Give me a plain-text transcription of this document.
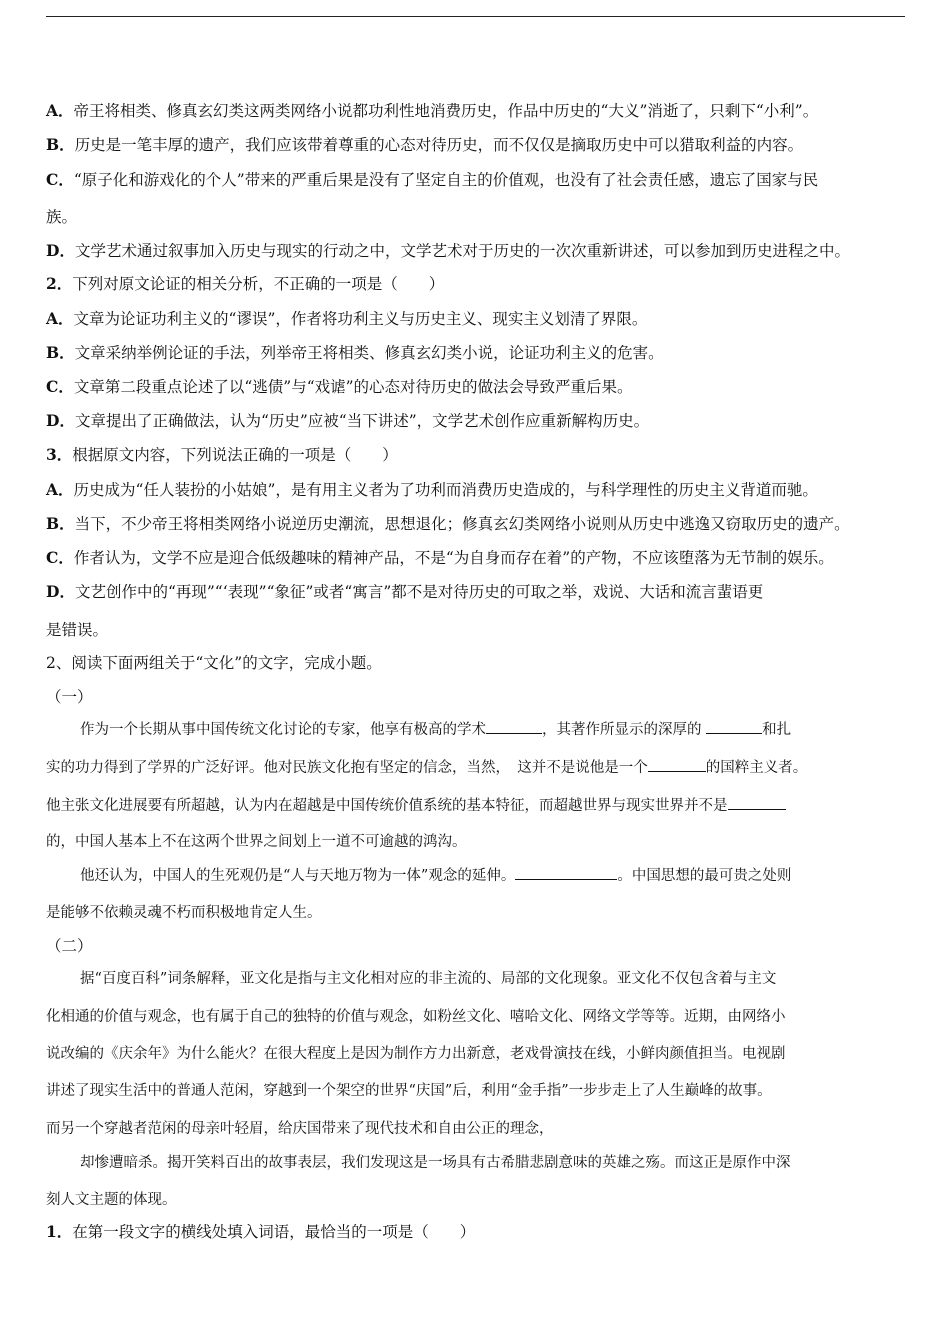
A．帝王将相类、修真玄幻类这两类网络小说都功利性地消费历史，作品中历史的“大义”消逝了，只剩下“小利”。
B．历史是一笔丰厚的遗产，我们应该带着尊重的心态对待历史，而不仅仅是摘取历史中可以猎取利益的内容。
C．“原子化和游戏化的个人”带来的严重后果是没有了坚定自主的价值观，也没有了社会责任感，遗忘了国家与民
族。
D．文学艺术通过叙事加入历史与现实的行动之中，文学艺术对于历史的一次次重新讲述，可以参加到历史进程之中。
2．下列对原文论证的相关分析，不正确的一项是（　　）
A．文章为论证功利主义的“谬误”，作者将功利主义与历史主义、现实主义划清了界限。
B．文章采纳举例论证的手法，列举帝王将相类、修真玄幻类小说，论证功利主义的危害。
C．文章第二段重点论述了以“逃债”与“戏谑”的心态对待历史的做法会导致严重后果。
D．文章提出了正确做法，认为“历史”应被“当下讲述”，文学艺术创作应重新解构历史。
3．根据原文内容，下列说法正确的一项是（　　）
A．历史成为“任人装扮的小姑娘”，是有用主义者为了功利而消费历史造成的，与科学理性的历史主义背道而驰。
B．当下，不少帝王将相类网络小说逆历史潮流，思想退化；修真玄幻类网络小说则从历史中逃逸又窃取历史的遗产。
C．作者认为，文学不应是迎合低级趣味的精神产品，不是“为自身而存在着”的产物，不应该堕落为无节制的娱乐。
D．文艺创作中的“再现”“‘表现”“象征”或者“寓言”都不是对待历史的可取之举，戏说、大话和流言蜚语更
是错误。
2、阅读下面两组关于“文化”的文字，完成小题。
（一）
作为一个长期从事中国传统文化讨论的专家，他享有极高的学术	，其著作所显示的深厚的	和扎
实的功力得到了学界的广泛好评。他对民族文化抱有坚定的信念，当然，　这并不是说他是一个	的国粹主义者。
他主张文化进展要有所超越，认为内在超越是中国传统价值系统的基本特征，而超越世界与现实世界并不是
的，中国人基本上不在这两个世界之间划上一道不可逾越的鸿沟。
他还认为，中国人的生死观仍是“人与天地万物为一体”观念的延伸。	。中国思想的最可贵之处则
是能够不依赖灵魂不朽而积极地肯定人生。
（二）
据“百度百科”词条解释，亚文化是指与主文化相对应的非主流的、局部的文化现象。亚文化不仅包含着与主文
化相通的价值与观念，也有属于自己的独特的价值与观念，如粉丝文化、嘻哈文化、网络文学等等。近期，由网络小
说改编的《庆余年》为什么能火？在很大程度上是因为制作方力出新意，老戏骨演技在线，小鲜肉颜值担当。电视剧
讲述了现实生活中的普通人范闲，穿越到一个架空的世界“庆国”后，利用“金手指”一步步走上了人生巅峰的故事。
而另一个穿越者范闲的母亲叶轻眉，给庆国带来了现代技术和自由公正的理念，
却惨遭暗杀。揭开笑料百出的故事表层，我们发现这是一场具有古希腊悲剧意味的英雄之殇。而这正是原作中深
刻人文主题的体现。
1．在第一段文字的横线处填入词语，最恰当的一项是（　　）
